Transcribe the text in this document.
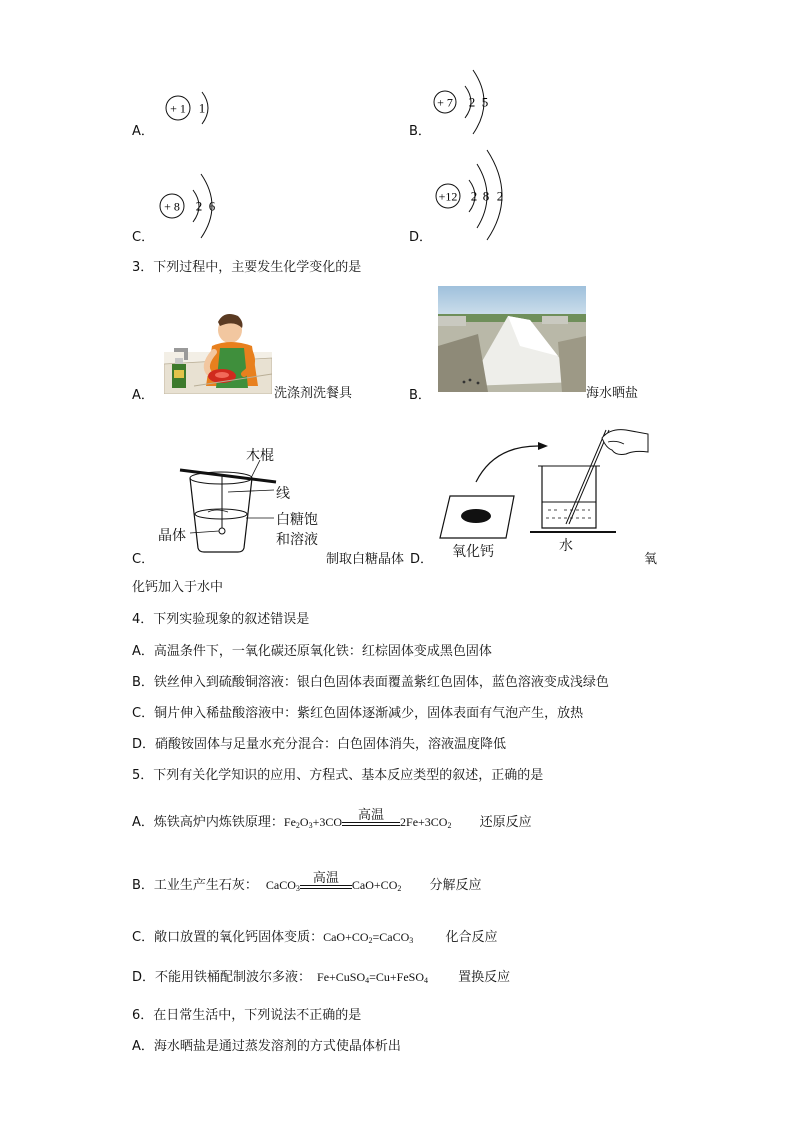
A．
+ 1 1
B．
+ 7 2 5
C．
+ 8 2 6
D．
+12 2 8 2
3．下列过程中，主要发生化学变化的是
A．	洗涤剂洗餐具	B．	海水晒盐
C．
木棍
线
晶体
白糖饱
和溶液
制取白糖晶体 D． 氧化钙	水
氧
化钙加入于水中
4．下列实验现象的叙述错误是
A．高温条件下，一氧化碳还原氧化铁：红棕固体变成黑色固体
B．铁丝伸入到硫酸铜溶液：银白色固体表面覆盖紫红色固体，蓝色溶液变成浅绿色
C．铜片伸入稀盐酸溶液中：紫红色固体逐渐减少，固体表面有气泡产生，放热
D．硝酸铵固体与足量水充分混合：白色固体消失，溶液温度降低
5．下列有关化学知识的应用、方程式、基本反应类型的叙述，正确的是
A．炼铁高炉内炼铁原理：$Fe_2O_3+3CO$	高温	$2Fe+3CO_2$ 还原反应
B．工业生产生石灰： CaCO$_3$
高温	$CaO+CO_2$ 分解反应
C．敞口放置的氧化钙固体变质：$CaO+CO_2=CaCO_3$ 化合反应
D．不能用铁桶配制波尔多液： Fe+CuSO$_4$=Cu+FeSO$_4$ 置换反应
6．在日常生活中，下列说法不正确的是
A．海水晒盐是通过蒸发溶剂的方式使晶体析出
